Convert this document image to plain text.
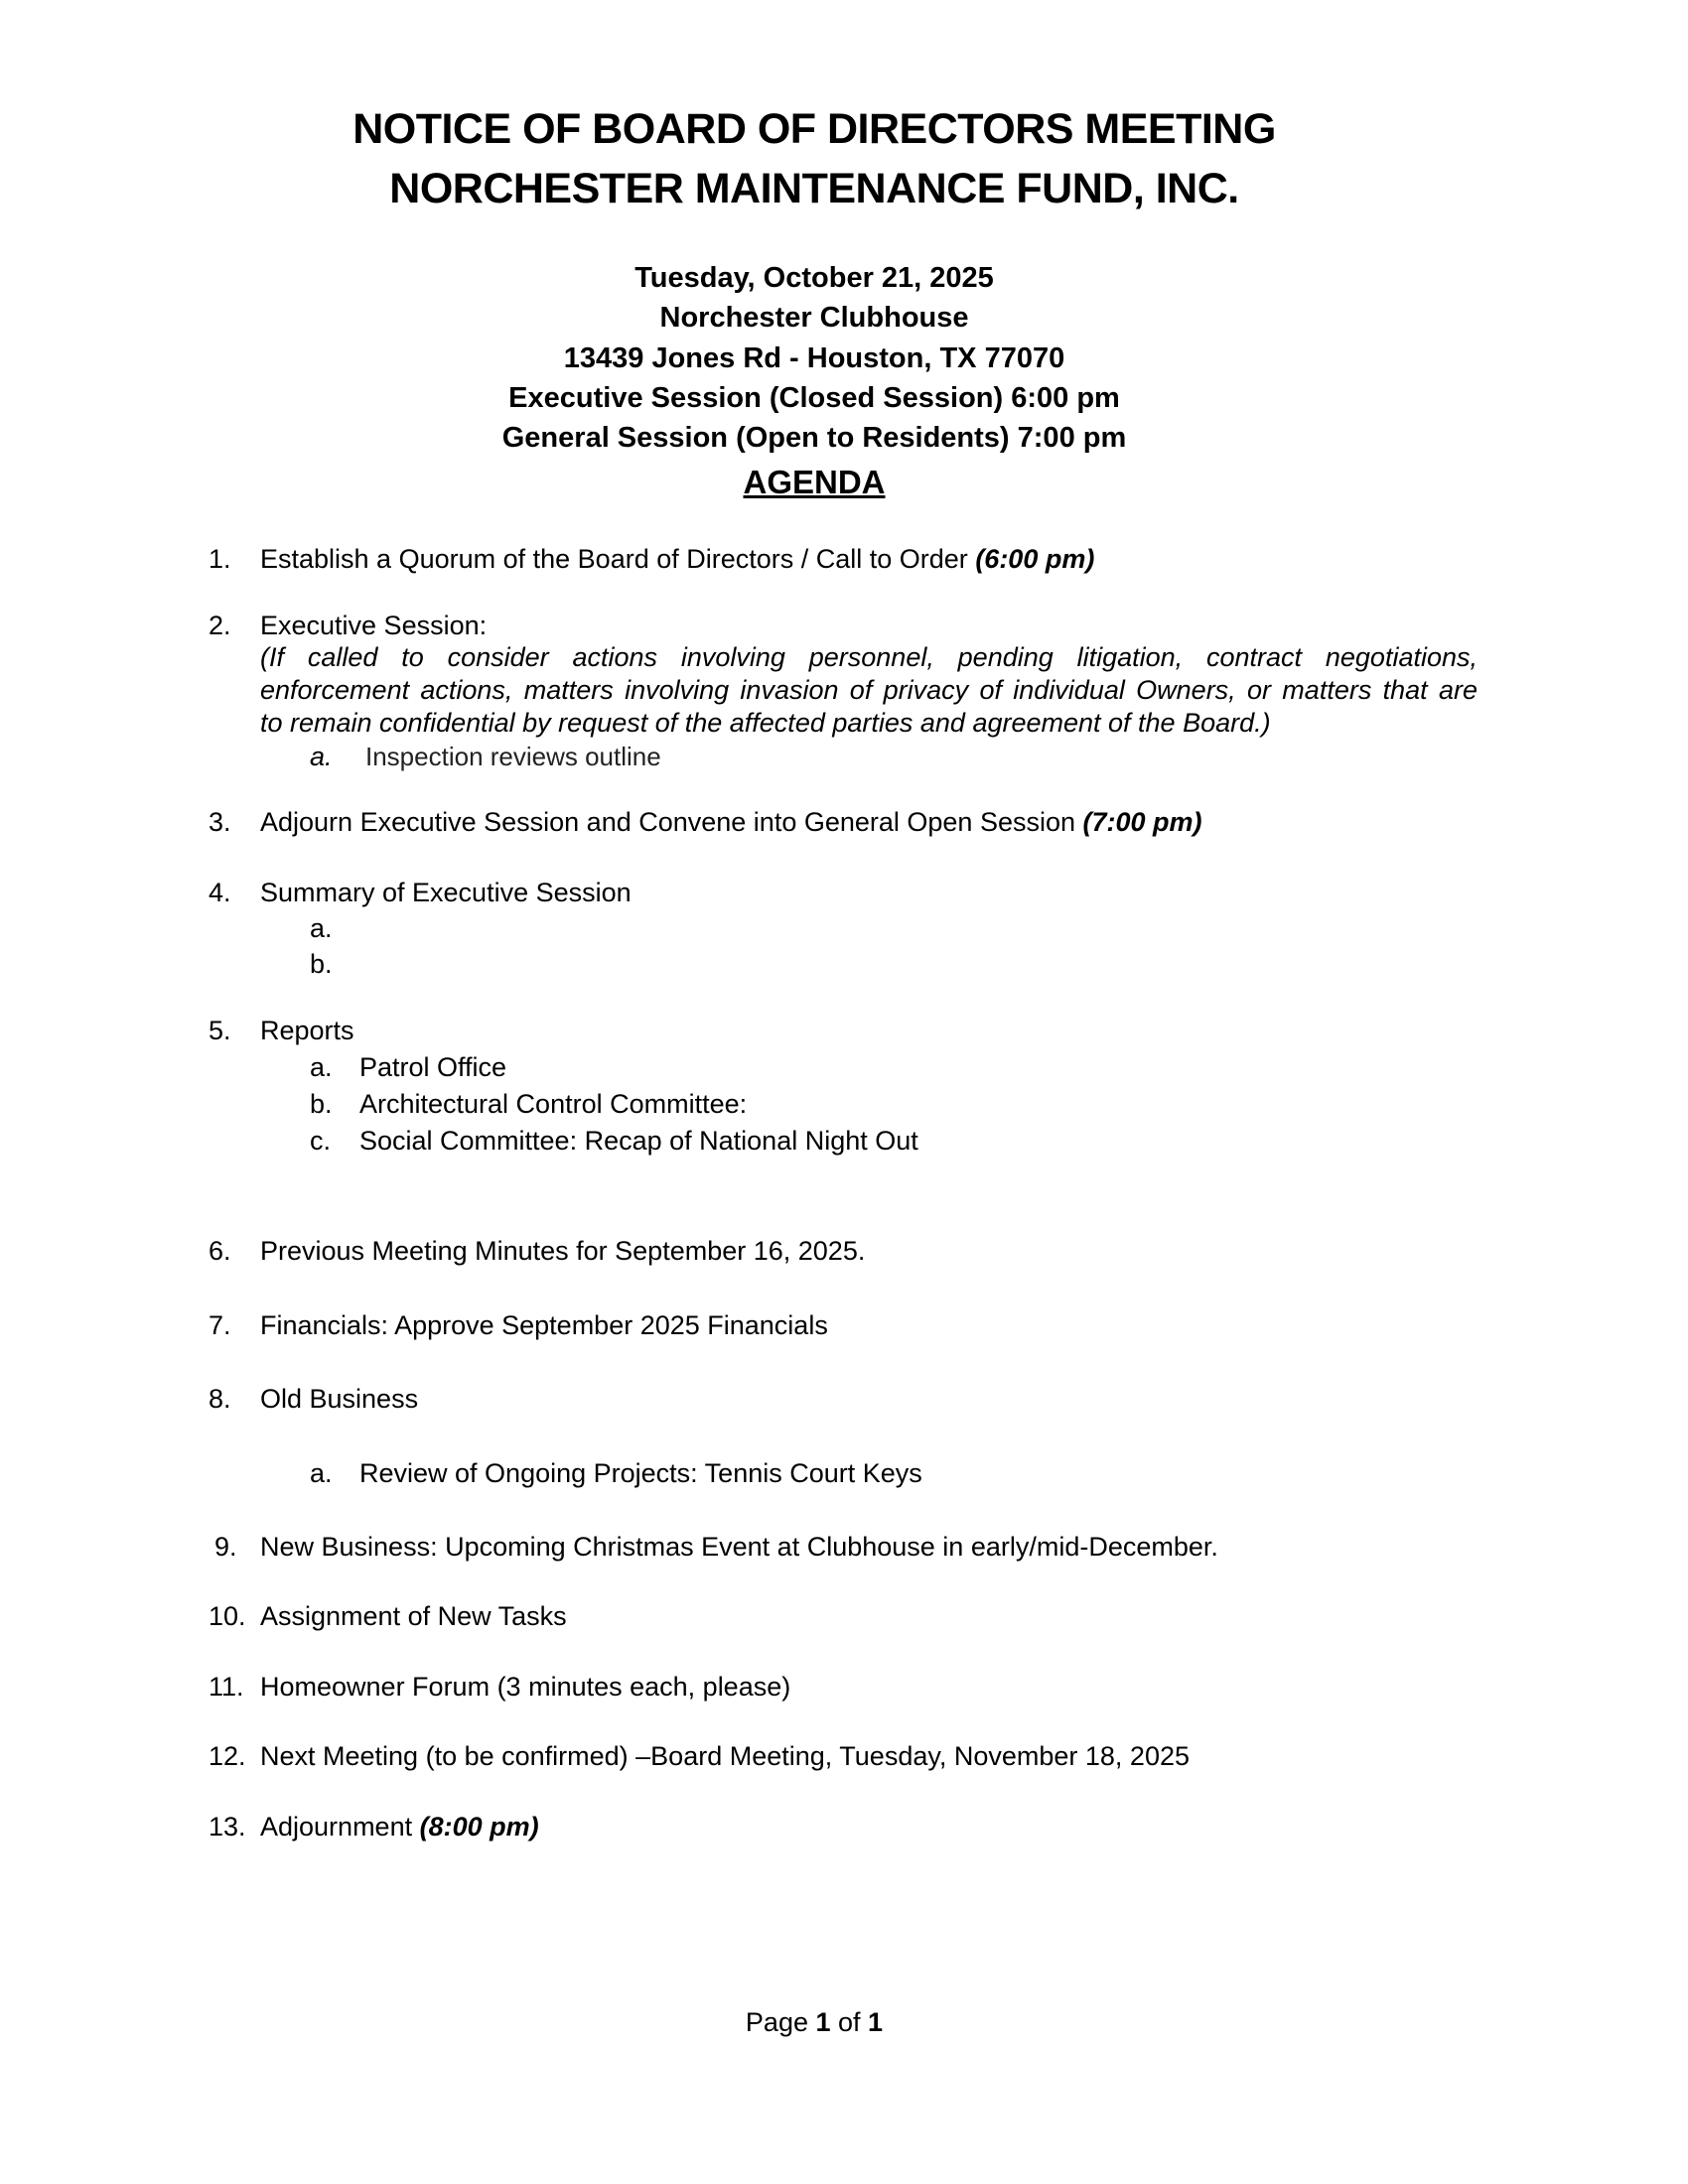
NOTICE OF BOARD OF DIRECTORS MEETING
NORCHESTER MAINTENANCE FUND, INC.
Tuesday, October 21, 2025
Norchester Clubhouse
13439 Jones Rd - Houston, TX 77070
Executive Session (Closed Session) 6:00 pm
General Session (Open to Residents) 7:00 pm
AGENDA
1. Establish a Quorum of the Board of Directors / Call to Order (6:00 pm)
2. Executive Session:
(If called to consider actions involving personnel, pending litigation, contract negotiations,
enforcement actions, matters involving invasion of privacy of individual Owners, or matters that are
to remain confidential by request of the affected parties and agreement of the Board.)
a. Inspection reviews outline
3. Adjourn Executive Session and Convene into General Open Session (7:00 pm)
4. Summary of Executive Session
a.
b.
5. Reports
a. Patrol Office
b. Architectural Control Committee:
c. Social Committee: Recap of National Night Out
6. Previous Meeting Minutes for September 16, 2025.
7. Financials: Approve September 2025 Financials
8. Old Business
a. Review of Ongoing Projects: Tennis Court Keys
9. New Business: Upcoming Christmas Event at Clubhouse in early/mid-December.
10. Assignment of New Tasks
11. Homeowner Forum (3 minutes each, please)
12. Next Meeting (to be confirmed) –Board Meeting, Tuesday, November 18, 2025
13. Adjournment (8:00 pm)
Page 1 of 1
